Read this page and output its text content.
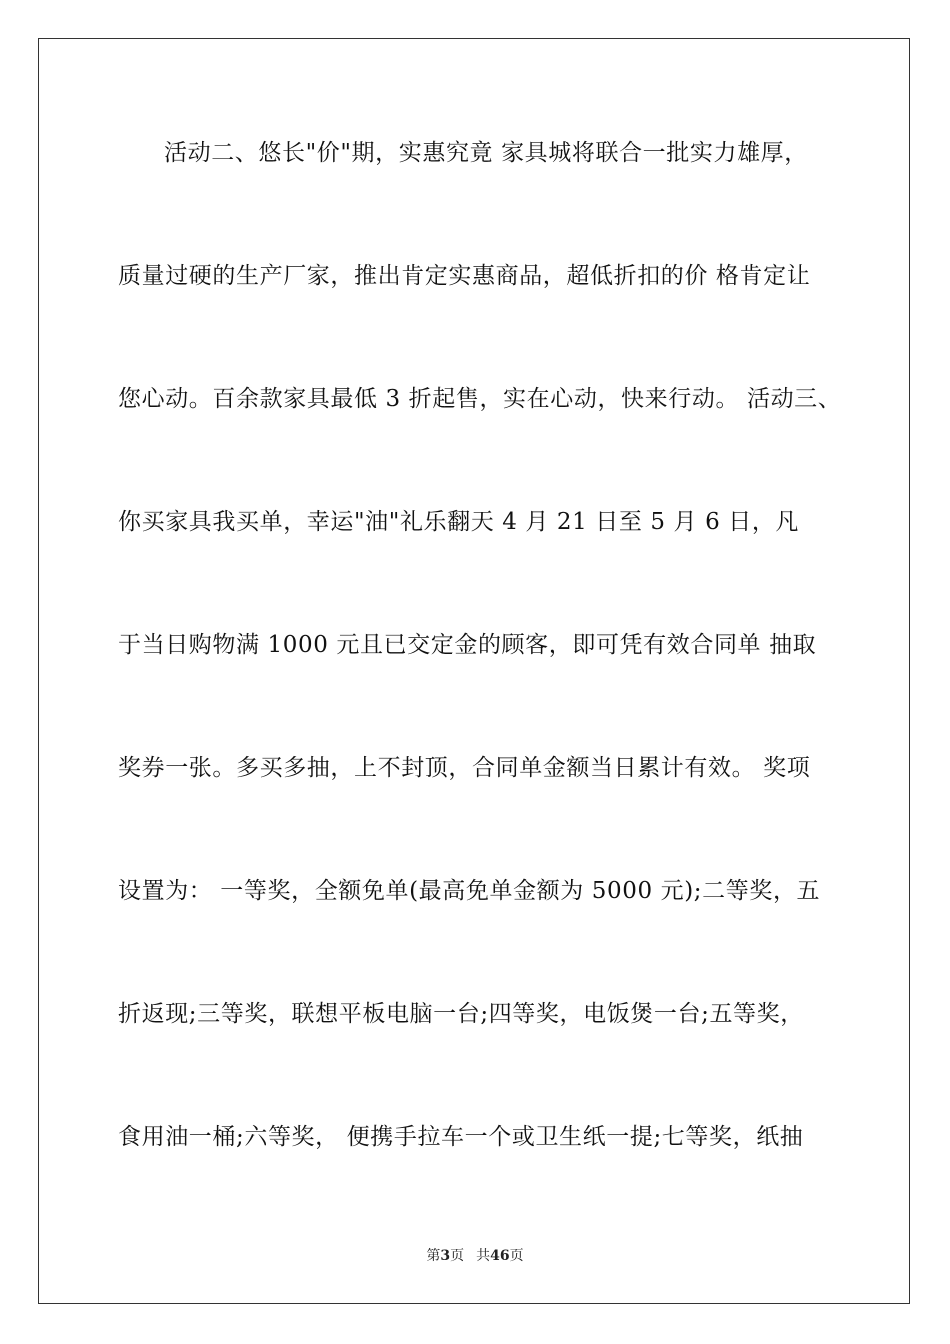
活动二、悠长"价"期，实惠究竟 家具城将联合一批实力雄厚，
质量过硬的生产厂家，推出肯定实惠商品，超低折扣的价 格肯定让
您心动。百余款家具最低 3 折起售，实在心动，快来行动。 活动三、
你买家具我买单，幸运"油"礼乐翻天 4 月 21 日至 5 月 6 日，凡
于当日购物满 1000 元且已交定金的顾客，即可凭有效合同单 抽取
奖券一张。多买多抽，上不封顶，合同单金额当日累计有效。 奖项
设置为： 一等奖，全额免单(最高免单金额为 5000 元);二等奖，五
折返现;三等奖，联想平板电脑一台;四等奖，电饭煲一台;五等奖，
食用油一桶;六等奖， 便携手拉车一个或卫生纸一提;七等奖，纸抽
第3页 共46页
